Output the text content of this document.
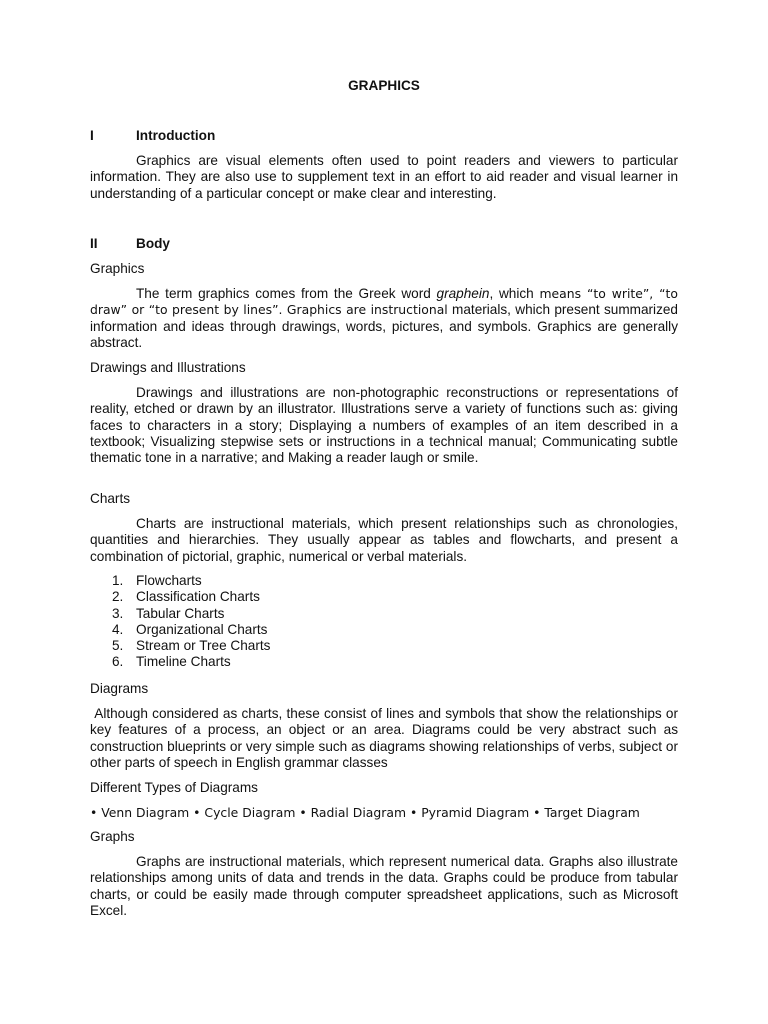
GRAPHICS
I	Introduction

Graphics are visual elements often used to point readers and viewers to particular information. They are also use to supplement text in an effort to aid reader and visual learner in understanding of a particular concept or make clear and interesting.

II	Body
Graphics

The term graphics comes from the Greek word graphein, which means “to write”, “to draw” or “to present by lines”. Graphics are instructional materials, which present summarized information and ideas through drawings, words, pictures, and symbols. Graphics are generally abstract.

Drawings and Illustrations

Drawings and illustrations are non-photographic reconstructions or representations of reality, etched or drawn by an illustrator. Illustrations serve a variety of functions such as: giving faces to characters in a story; Displaying a numbers of examples of an item described in a textbook; Visualizing stepwise sets or instructions in a technical manual; Communicating subtle thematic tone in a narrative; and Making a reader laugh or smile.

Charts

Charts are instructional materials, which present relationships such as chronologies, quantities and hierarchies. They usually appear as tables and flowcharts, and present a combination of pictorial, graphic, numerical or verbal materials.

1. Flowcharts
2. Classification Charts
3. Tabular Charts
4. Organizational Charts
5. Stream or Tree Charts
6. Timeline Charts
Diagrams

Although considered as charts, these consist of lines and symbols that show the relationships or key features of a process, an object or an area. Diagrams could be very abstract such as construction blueprints or very simple such as diagrams showing relationships of verbs, subject or other parts of speech in English grammar classes

Different Types of Diagrams
• Venn Diagram • Cycle Diagram • Radial Diagram • Pyramid Diagram • Target Diagram
Graphs

Graphs are instructional materials, which represent numerical data. Graphs also illustrate relationships among units of data and trends in the data. Graphs could be produce from tabular charts, or could be easily made through computer spreadsheet applications, such as Microsoft Excel.
